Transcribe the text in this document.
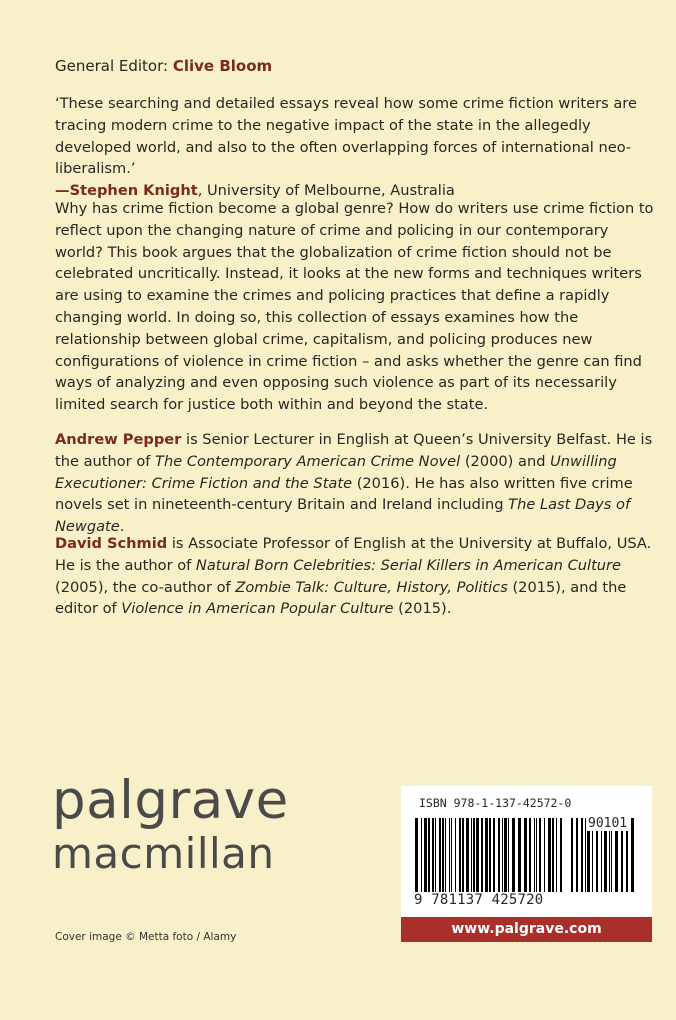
General Editor: Clive Bloom

‘These searching and detailed essays reveal how some crime fiction writers are tracing modern crime to the negative impact of the state in the allegedly developed world, and also to the often overlapping forces of international neo-liberalism.’
—Stephen Knight, University of Melbourne, Australia

Why has crime fiction become a global genre? How do writers use crime fiction to reflect upon the changing nature of crime and policing in our contemporary world? This book argues that the globalization of crime fiction should not be celebrated uncritically. Instead, it looks at the new forms and techniques writers are using to examine the crimes and policing practices that define a rapidly changing world. In doing so, this collection of essays examines how the relationship between global crime, capitalism, and policing produces new configurations of violence in crime fiction – and asks whether the genre can find ways of analyzing and even opposing such violence as part of its necessarily limited search for justice both within and beyond the state.

Andrew Pepper is Senior Lecturer in English at Queen’s University Belfast. He is the author of The Contemporary American Crime Novel (2000) and Unwilling Executioner: Crime Fiction and the State (2016). He has also written five crime novels set in nineteenth-century Britain and Ireland including The Last Days of Newgate.

David Schmid is Associate Professor of English at the University at Buffalo, USA. He is the author of Natural Born Celebrities: Serial Killers in American Culture (2005), the co-author of Zombie Talk: Culture, History, Politics (2015), and the editor of Violence in American Popular Culture (2015).

palgrave
macmillan
Cover image © Metta foto / Alamy
ISBN 978-1-137-42572-0
90101
9 781137 425720
www.palgrave.com
